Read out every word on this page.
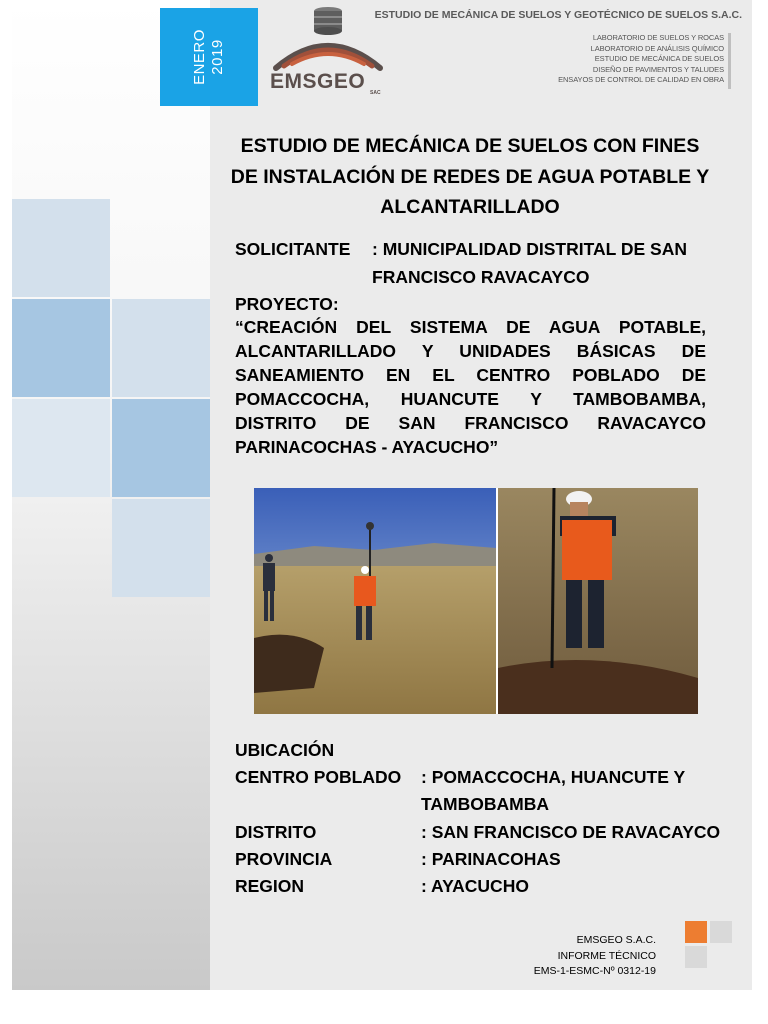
ENERO 2019
EMSGEO SAC
ESTUDIO DE MECÁNICA DE SUELOS Y GEOTÉCNICO DE SUELOS S.A.C.
LABORATORIO DE SUELOS Y ROCAS
LABORATORIO DE ANÁLISIS QUÍMICO
ESTUDIO DE MECÁNICA DE SUELOS
DISEÑO DE PAVIMENTOS Y TALUDES
ENSAYOS DE CONTROL DE CALIDAD EN OBRA
ESTUDIO DE MECÁNICA DE SUELOS CON FINES
DE INSTALACIÓN DE REDES DE AGUA POTABLE Y
ALCANTARILLADO
SOLICITANTE : MUNICIPALIDAD DISTRITAL DE SAN
FRANCISCO RAVACAYCO
PROYECTO:
“CREACIÓN DEL SISTEMA DE AGUA POTABLE, ALCANTARILLADO Y UNIDADES BÁSICAS DE SANEAMIENTO EN EL CENTRO POBLADO DE POMACCOCHA, HUANCUTE Y TAMBOBAMBA, DISTRITO DE SAN FRANCISCO RAVACAYCO PARINACOCHAS - AYACUCHO”
UBICACIÓN
CENTRO POBLADO : POMACCOCHA, HUANCUTE Y
TAMBOBAMBA
DISTRITO	: SAN FRANCISCO DE RAVACAYCO
PROVINCIA	: PARINACOHAS
REGION	: AYACUCHO
EMSGEO S.A.C.
INFORME TÉCNICO
EMS-1-ESMC-Nº 0312-19
